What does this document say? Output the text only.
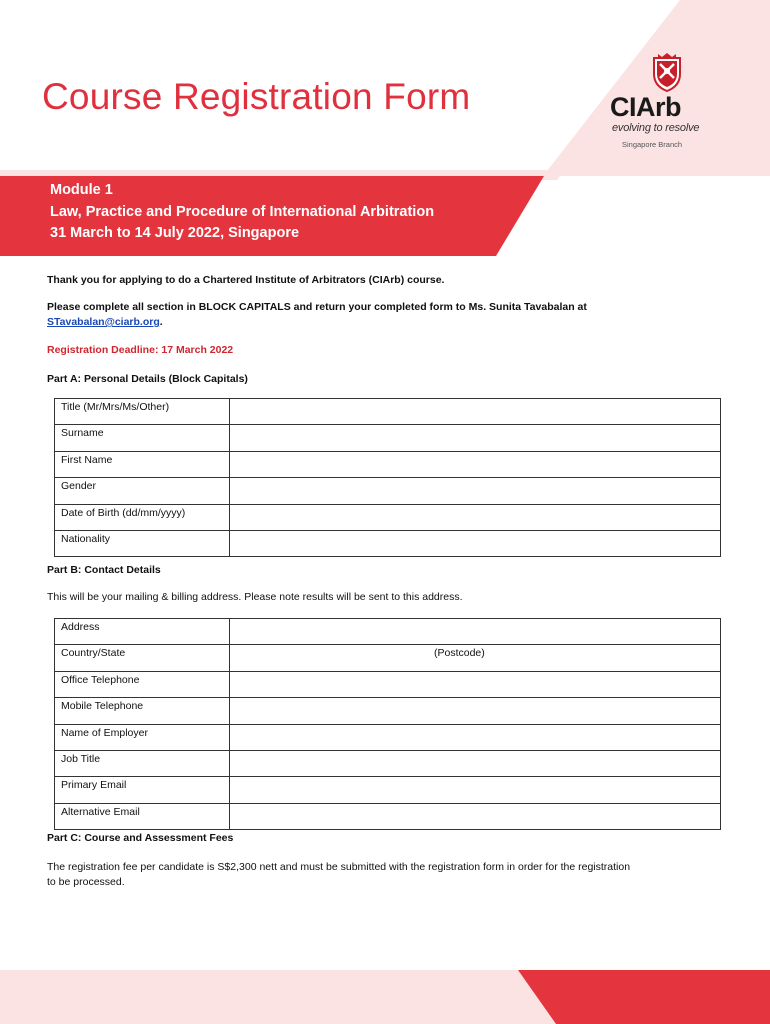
Course Registration Form	CIArb
evolving to resolve
Singapore Branch
Module 1
Law, Practice and Procedure of International Arbitration
31 March to 14 July 2022, Singapore
Thank you for applying to do a Chartered Institute of Arbitrators (CIArb) course.
Please complete all section in BLOCK CAPITALS and return your completed form to Ms. Sunita Tavabalan at
STavabalan@ciarb.org.
Registration Deadline: 17 March 2022
Part A: Personal Details (Block Capitals)
Title (Mr/Mrs/Ms/Other)	
Surname	
First Name	
Gender	
Date of Birth (dd/mm/yyyy)	
Nationality	
Part B: Contact Details
This will be your mailing & billing address. Please note results will be sent to this address.
Address	
Country/State	(Postcode)
Office Telephone	
Mobile Telephone	
Name of Employer	
Job Title	
Primary Email	
Alternative Email	
Part C: Course and Assessment Fees
The registration fee per candidate is S$2,300 nett and must be submitted with the registration form in order for the registration
to be processed.
